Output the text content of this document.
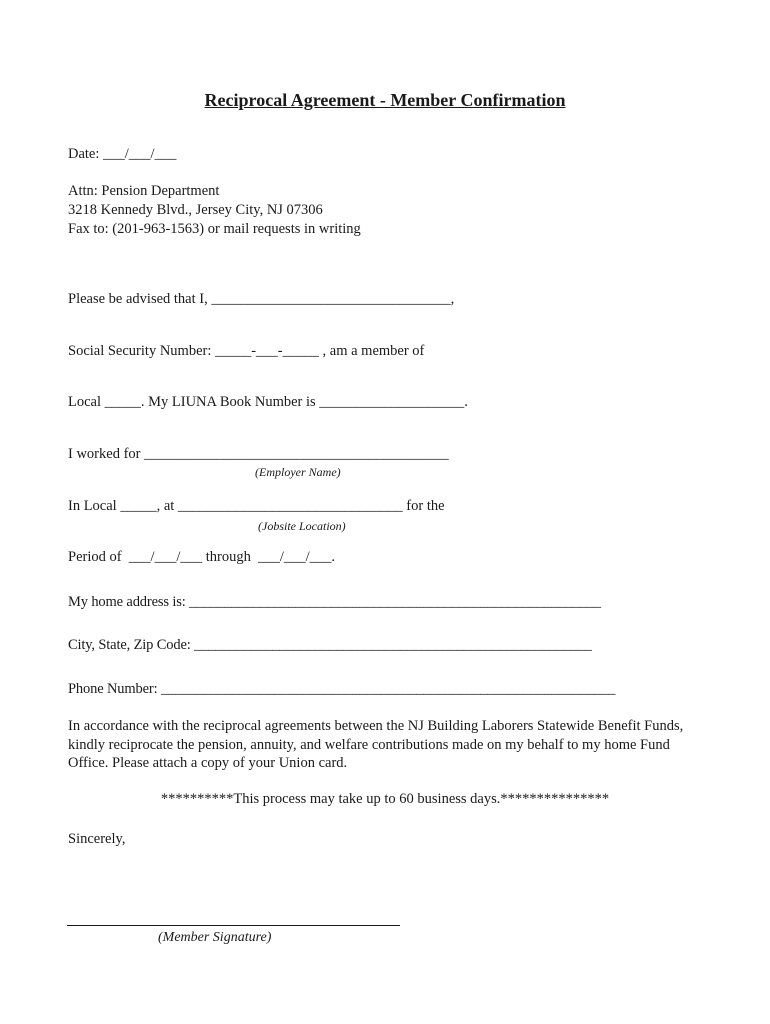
Reciprocal Agreement - Member Confirmation
Date: ___/___/___
Attn: Pension Department
3218 Kennedy Blvd., Jersey City, NJ 07306
Fax to: (201-963-1563) or mail requests in writing
Please be advised that I, _________________________________,
Social Security Number: _____-___-_____ , am a member of
Local _____. My LIUNA Book Number is ____________________.
I worked for __________________________________________
(Employer Name)
In Local _____, at _______________________________ for the
(Jobsite Location)
Period of  ___/___/___ through  ___/___/___.
My home address is: __________________________________________________________
City, State, Zip Code: ________________________________________________________
Phone Number: ________________________________________________________________
In accordance with the reciprocal agreements between the NJ Building Laborers Statewide Benefit Funds, kindly reciprocate the pension, annuity, and welfare contributions made on my behalf to my home Fund Office. Please attach a copy of your Union card.
**********This process may take up to 60 business days.***************
Sincerely,
(Member Signature)
